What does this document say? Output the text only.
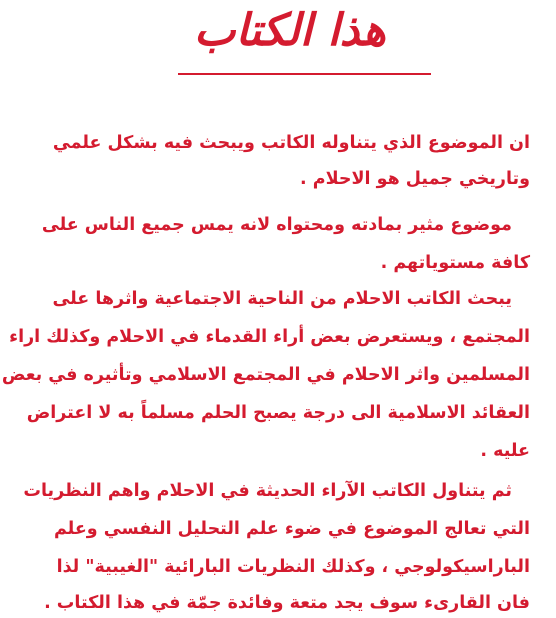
هذا الكتاب
ان الموضوع الذي يتناوله الكاتب ويبحث فيه بشكل علمي
وتاريخي جميل هو الاحلام .
موضوع مثير بمادته ومحتواه لانه يمس جميع الناس على
كافة مستوياتهم .
يبحث الكاتب الاحلام من الناحية الاجتماعية واثرها على
المجتمع ، ويستعرض بعض أراء القدماء في الاحلام وكذلك اراء
المسلمين واثر الاحلام في المجتمع الاسلامي وتأثيره في بعض
العقائد الاسلامية الى درجة يصبح الحلم مسلماً به لا اعتراض
عليه .
ثم يتناول الكاتب الآراء الحديثة في الاحلام واهم النظريات
التي تعالج الموضوع في ضوء علم التحليل النفسي وعلم
الباراسيكولوجي ، وكذلك النظريات البارائية "الغيبية" لذا
فان القارىء سوف يجد متعة وفائدة جمّة في هذا الكتاب .
